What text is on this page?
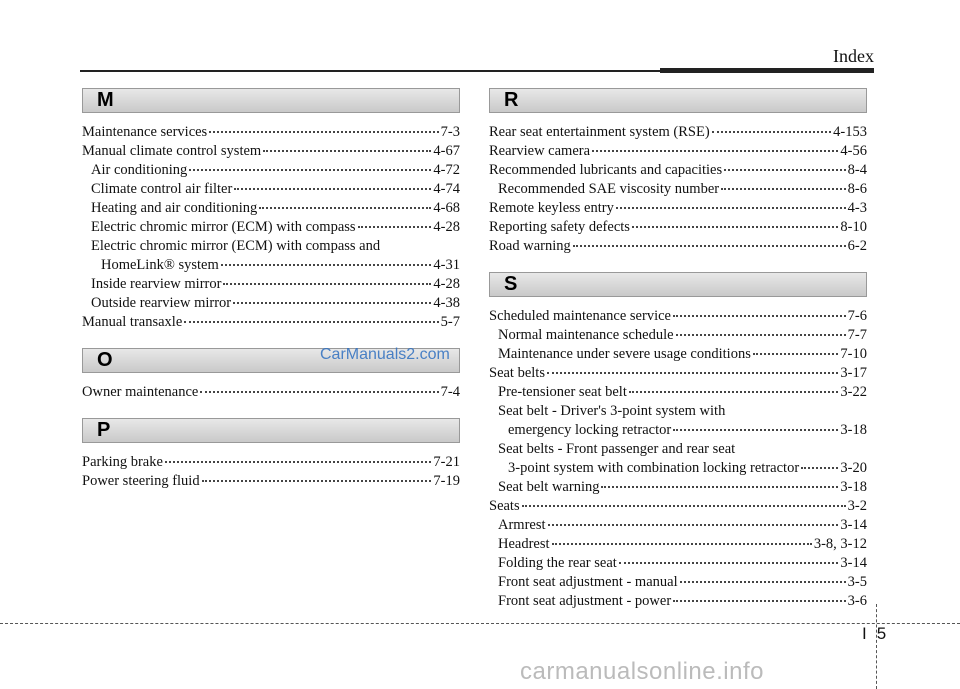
Index
M
Maintenance services	7-3
Manual climate control system	4-67
Air conditioning	4-72
Climate control air filter	4-74
Heating and air conditioning	4-68
Electric chromic mirror (ECM) with compass	4-28
Electric chromic mirror (ECM) with compass and
HomeLink® system	4-31
Inside rearview mirror	4-28
Outside rearview mirror	4-38
Manual transaxle	5-7
O
Owner maintenance	7-4
P
Parking brake	7-21
Power steering fluid	7-19
R
Rear seat entertainment system (RSE)	4-153
Rearview camera	4-56
Recommended lubricants and capacities	8-4
Recommended SAE viscosity number	8-6
Remote keyless entry	4-3
Reporting safety defects	8-10
Road warning	6-2
S
Scheduled maintenance service	7-6
Normal maintenance schedule	7-7
Maintenance under severe usage conditions	7-10
Seat belts	3-17
Pre-tensioner seat belt	3-22
Seat belt - Driver's 3-point system with
emergency locking retractor	3-18
Seat belts - Front passenger and rear seat
3-point system with combination locking retractor	3-20
Seat belt warning	3-18
Seats	3-2
Armrest	3-14
Headrest	3-8, 3-12
Folding the rear seat	3-14
Front seat adjustment - manual	3-5
Front seat adjustment - power	3-6
CarManuals2.com
I 5
carmanualsonline.info
